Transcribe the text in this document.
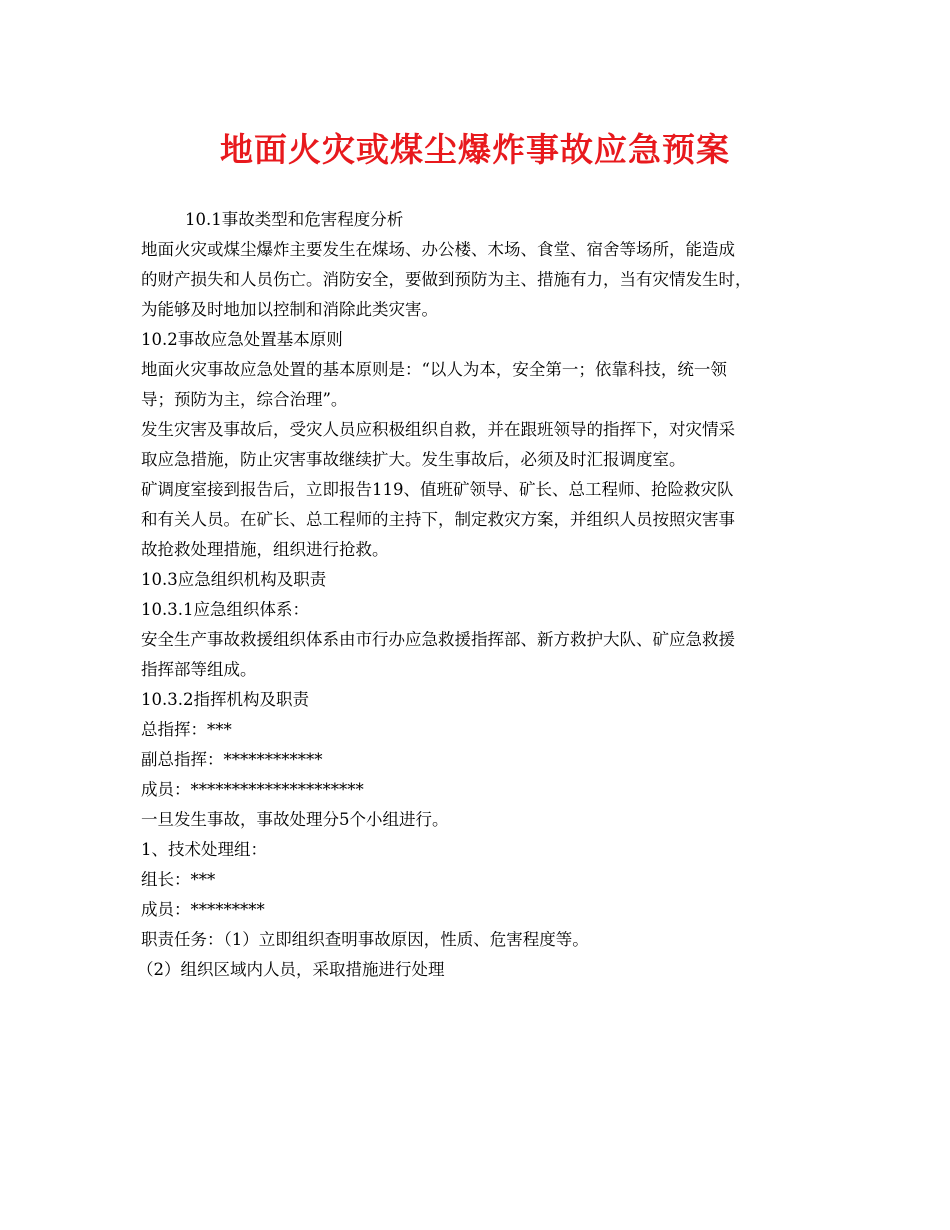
地面火灾或煤尘爆炸事故应急预案
10.1事故类型和危害程度分析
地面火灾或煤尘爆炸主要发生在煤场、办公楼、木场、食堂、宿舍等场所，能造成
的财产损失和人员伤亡。消防安全，要做到预防为主、措施有力，当有灾情发生时，
为能够及时地加以控制和消除此类灾害。
10.2事故应急处置基本原则
地面火灾事故应急处置的基本原则是：“以人为本，安全第一；依靠科技，统一领
导；预防为主，综合治理”。
发生灾害及事故后，受灾人员应积极组织自救，并在跟班领导的指挥下，对灾情采
取应急措施，防止灾害事故继续扩大。发生事故后，必须及时汇报调度室。
矿调度室接到报告后，立即报告119、值班矿领导、矿长、总工程师、抢险救灾队
和有关人员。在矿长、总工程师的主持下，制定救灾方案，并组织人员按照灾害事
故抢救处理措施，组织进行抢救。
10.3应急组织机构及职责
10.3.1应急组织体系：
安全生产事故救援组织体系由市行办应急救援指挥部、新方救护大队、矿应急救援
指挥部等组成。
10.3.2指挥机构及职责
总指挥：***
副总指挥：************
成员：*********************
一旦发生事故，事故处理分5个小组进行。
1、技术处理组：
组长：***
成员：*********
职责任务：（1）立即组织查明事故原因，性质、危害程度等。
（2）组织区域内人员，采取措施进行处理
